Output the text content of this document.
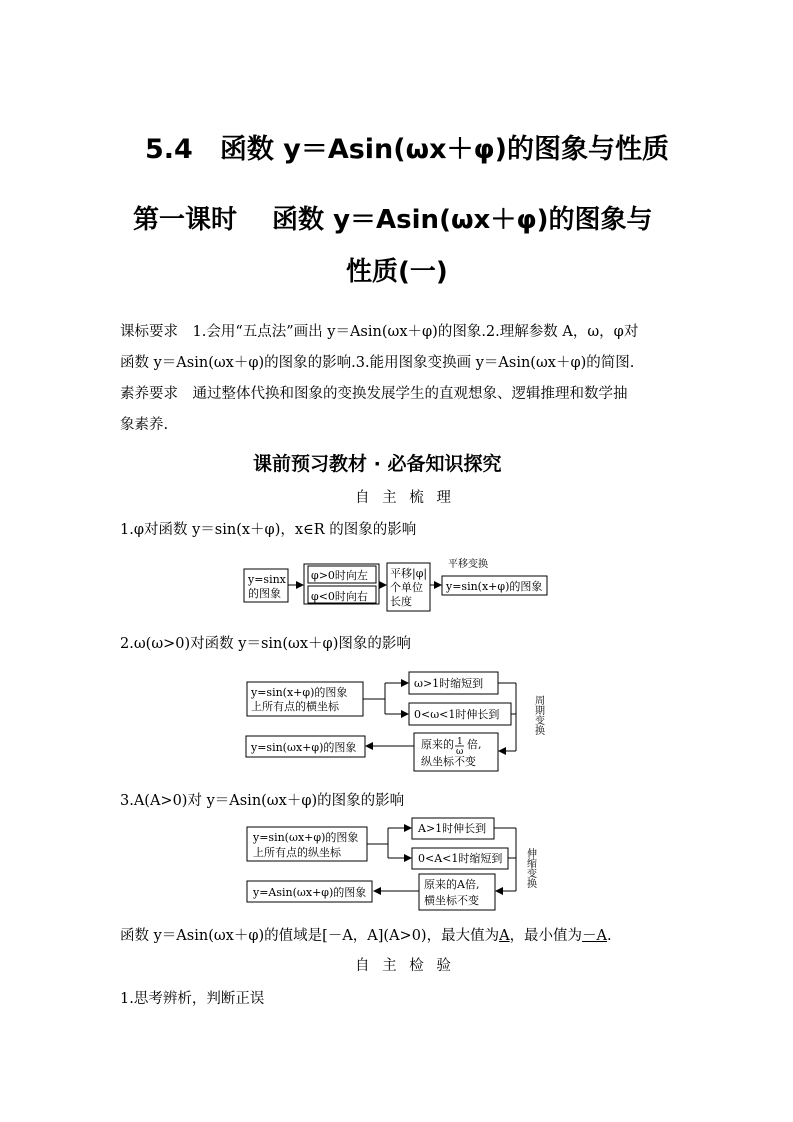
5.4　函数 y＝Asin(ωx＋φ)的图象与性质
第一课时　 函数 y＝Asin(ωx＋φ)的图象与
性质(一)
课标要求　1.会用“五点法”画出 y＝Asin(ωx＋φ)的图象.2.理解参数 A，ω，φ对
函数 y＝Asin(ωx＋φ)的图象的影响.3.能用图象变换画 y＝Asin(ωx＋φ)的简图.
素养要求　通过整体代换和图象的变换发展学生的直观想象、逻辑推理和数学抽
象素养.
课前预习教材 · 必备知识探究
自 主 梳 理
1.φ对函数 y＝sin(x＋φ)，x∈R 的图象的影响
y=sinx
的图象
φ>0时向左
φ<0时向右
平移|φ|
个单位
长度
平移变换
y=sin(x+φ)的图象
y=sin(x+φ)的图象
上所有点的横坐标
ω>1时缩短到
0<ω<1时伸长到	周期变换
原来的 1
ω
倍,
纵坐标不变
y=sin(ωx+φ)的图象
y=sin(ωx+φ)的图象
上所有点的纵坐标
A>1时伸长到
0<A<1时缩短到 伸缩变换
原来的A倍,
横坐标不变
y=Asin(ωx+φ)的图象
2.ω(ω>0)对函数 y＝sin(ωx＋φ)图象的影响
3.A(A>0)对 y＝Asin(ωx＋φ)的图象的影响
函数 y＝Asin(ωx＋φ)的值域是[－A，A](A>0)，最大值为A，最小值为－A.
自 主 检 验
1.思考辨析，判断正误
